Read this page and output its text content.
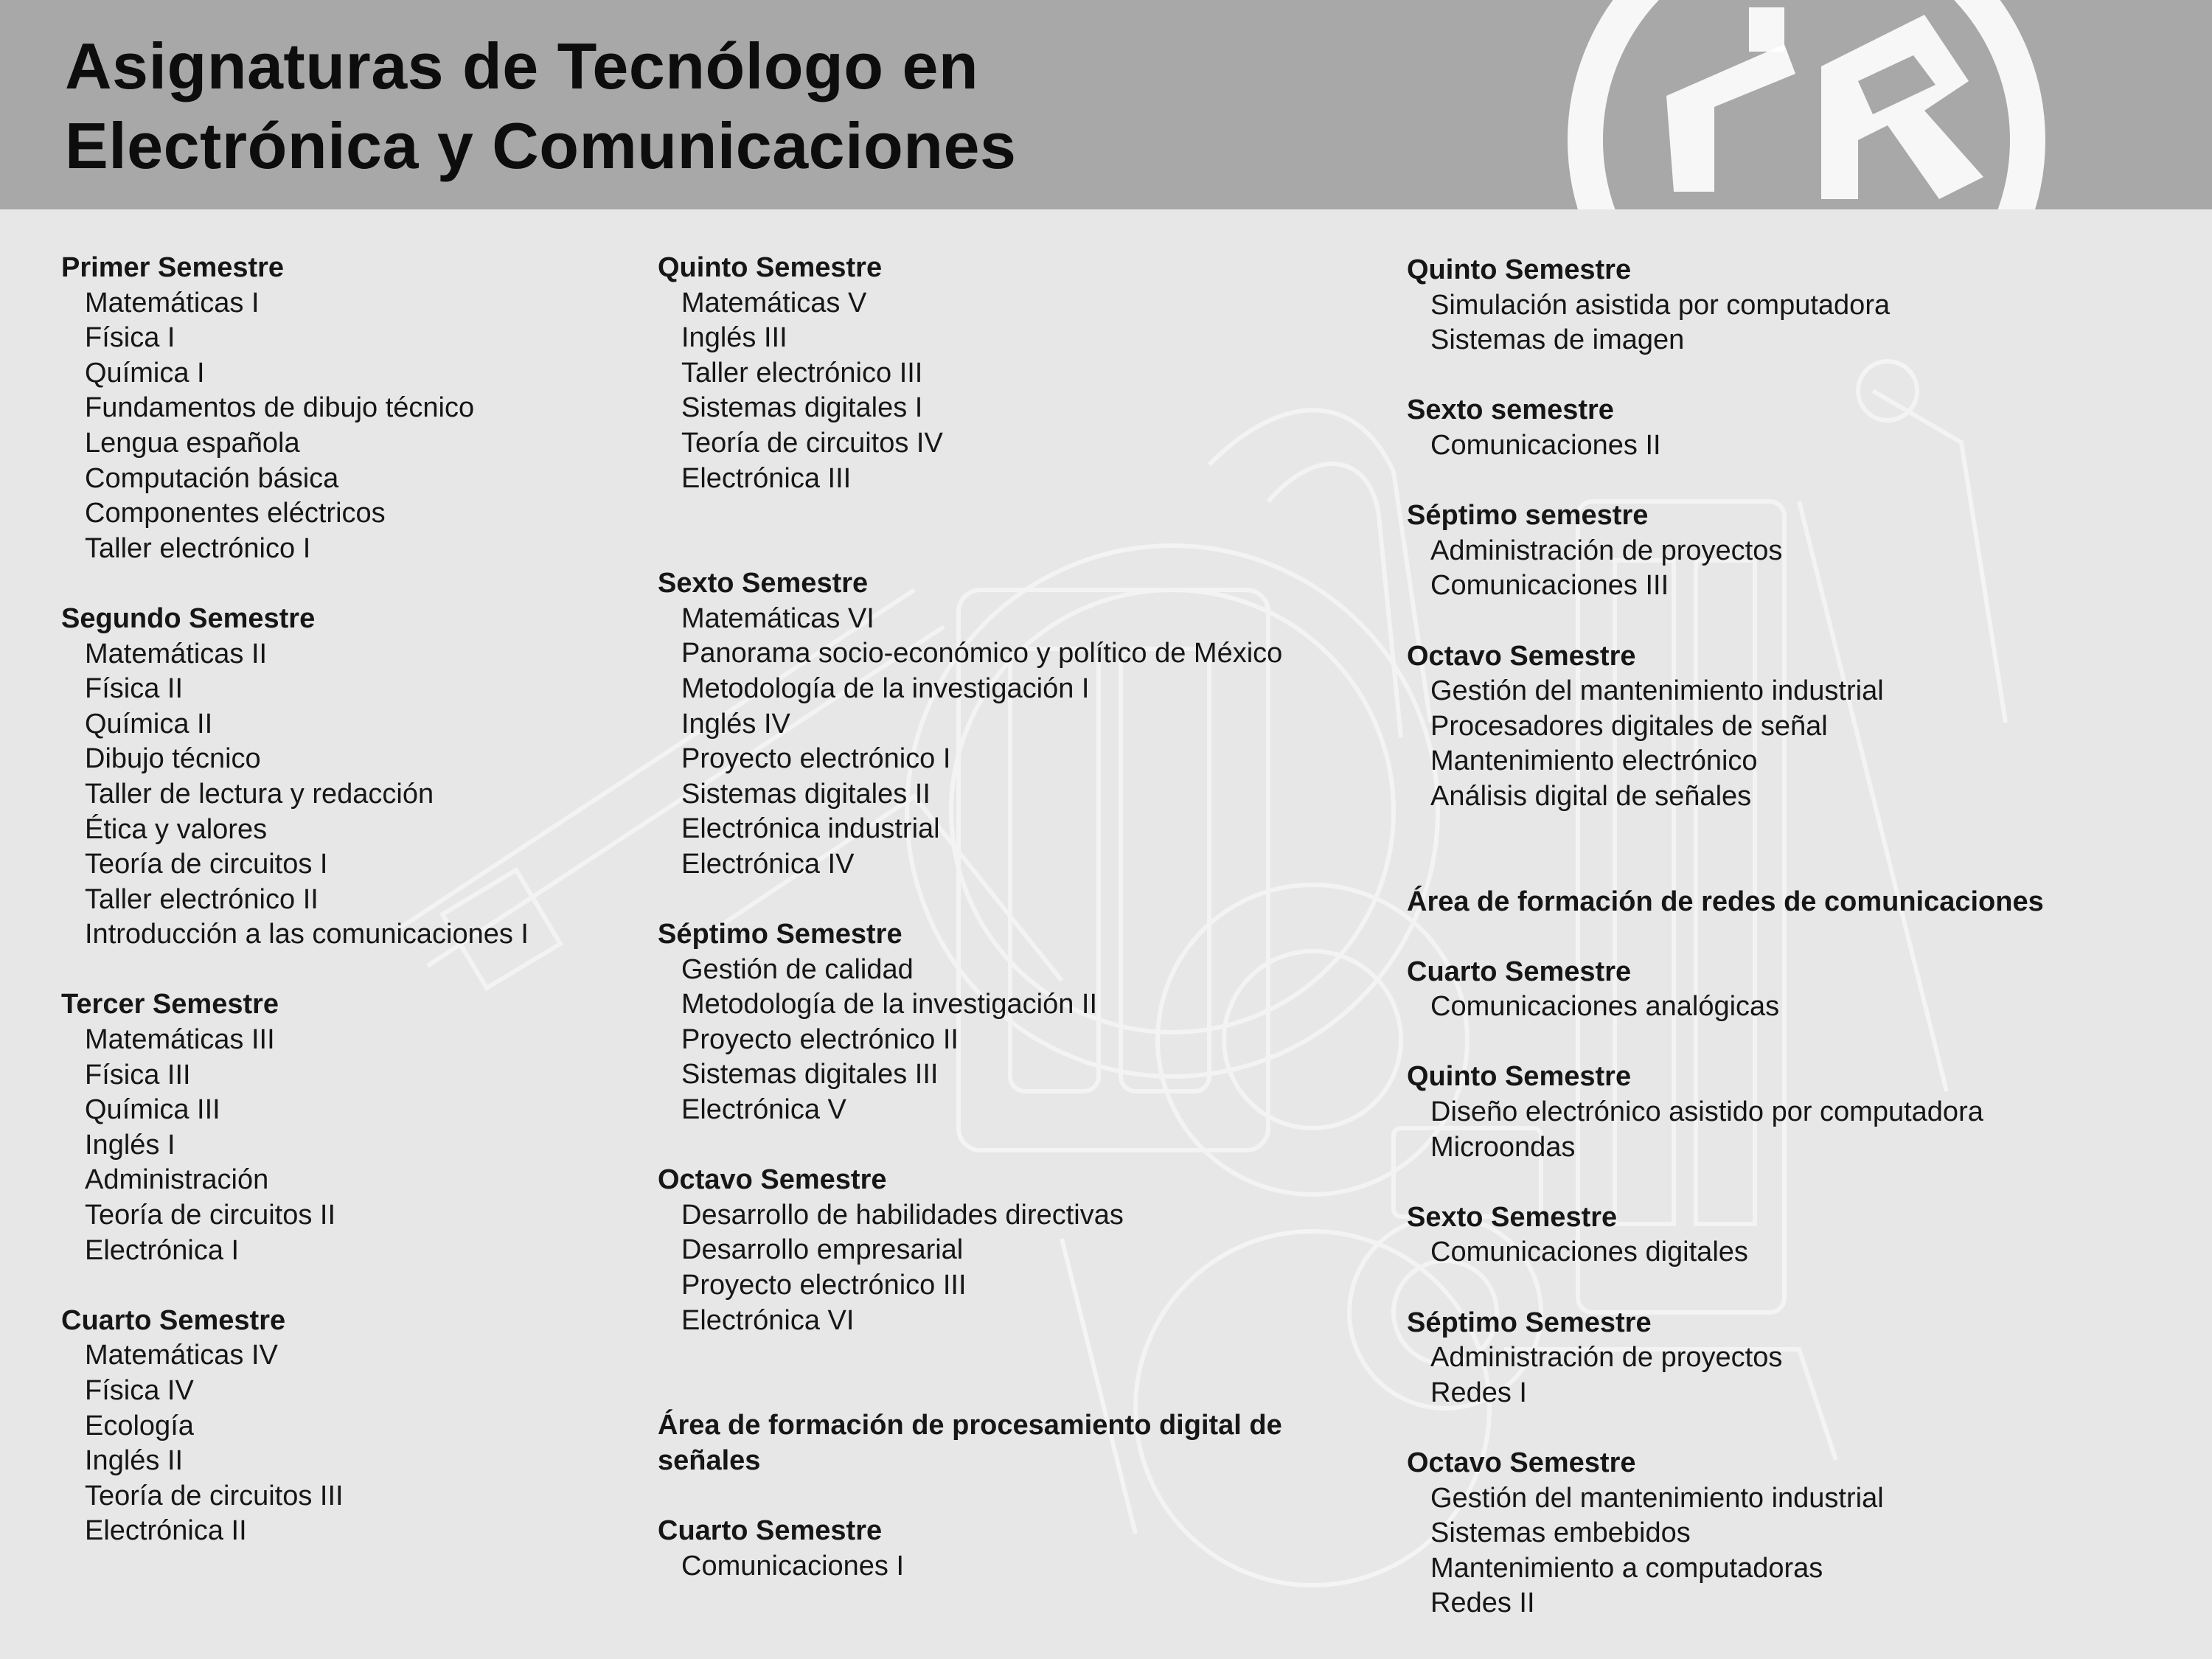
Asignaturas de Tecnólogo en
Electrónica y Comunicaciones

Primer Semestre

Matemáticas I
Física I
Química I
Fundamentos de dibujo técnico
Lengua española
Computación básica
Componentes eléctricos
Taller electrónico I

Segundo Semestre

Matemáticas II
Física II
Química II
Dibujo técnico
Taller de lectura y redacción
Ética y valores
Teoría de circuitos I
Taller electrónico II
Introducción a las comunicaciones I

Tercer Semestre

Matemáticas III
Física III
Química III
Inglés I
Administración
Teoría de circuitos II
Electrónica I

Cuarto Semestre

Matemáticas IV
Física IV
Ecología
Inglés II
Teoría de circuitos III
Electrónica II

Quinto Semestre

Matemáticas V
Inglés III
Taller electrónico III
Sistemas digitales I
Teoría de circuitos IV
Electrónica III

Sexto Semestre

Matemáticas VI
Panorama socio-económico y político de México
Metodología de la investigación I
Inglés IV
Proyecto electrónico I
Sistemas digitales II
Electrónica industrial
Electrónica IV

Séptimo Semestre

Gestión de calidad
Metodología de la investigación II
Proyecto electrónico II
Sistemas digitales III
Electrónica V

Octavo Semestre

Desarrollo de habilidades directivas
Desarrollo empresarial
Proyecto electrónico III
Electrónica VI
Área de formación de procesamiento digital de
señales

Cuarto Semestre

Comunicaciones I

Quinto Semestre

Simulación asistida por computadora
Sistemas de imagen

Sexto semestre

Comunicaciones II

Séptimo semestre

Administración de proyectos
Comunicaciones III

Octavo Semestre

Gestión del mantenimiento industrial
Procesadores digitales de señal
Mantenimiento electrónico
Análisis digital de señales

Área de formación de redes de comunicaciones

Cuarto Semestre

Comunicaciones analógicas

Quinto Semestre

Diseño electrónico asistido por computadora
Microondas

Sexto Semestre

Comunicaciones digitales

Séptimo Semestre

Administración de proyectos
Redes I

Octavo Semestre

Gestión del mantenimiento industrial
Sistemas embebidos
Mantenimiento a computadoras
Redes II
